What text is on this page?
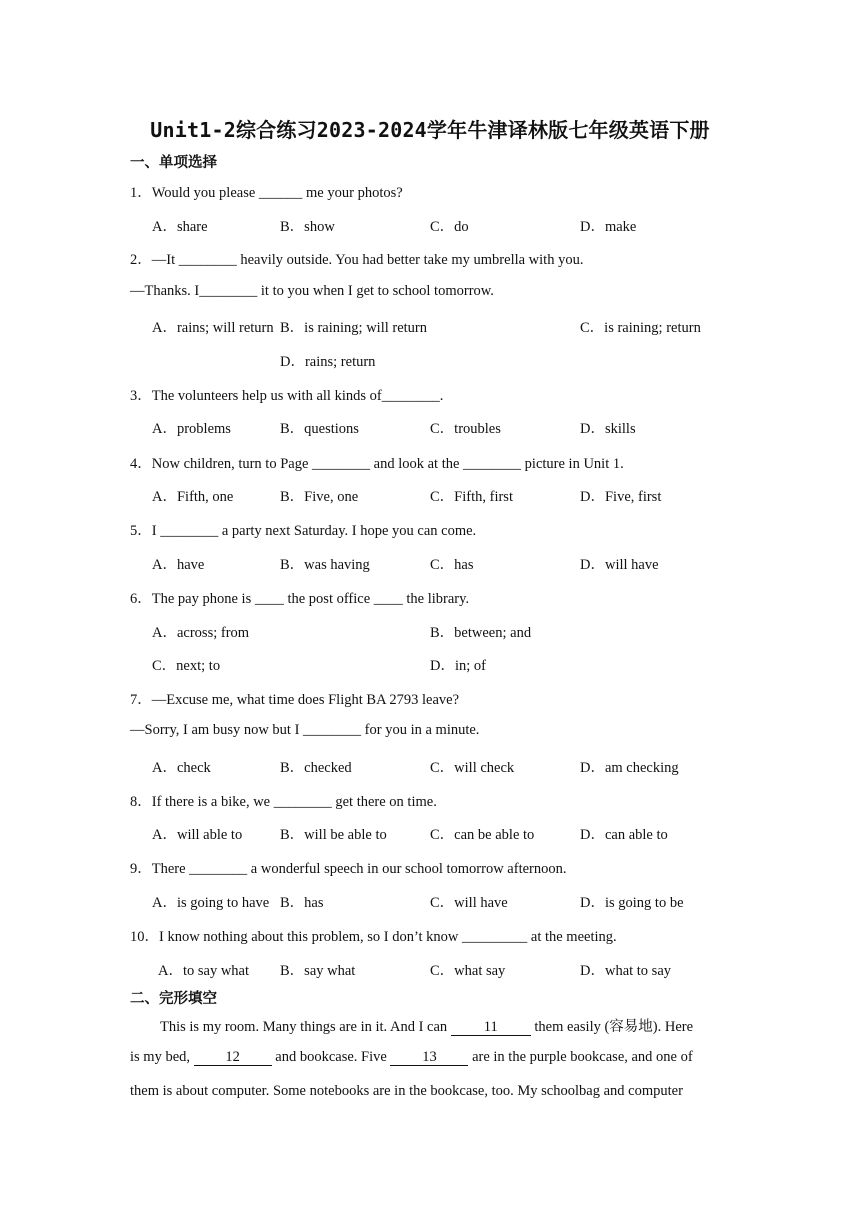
Unit1-2综合练习2023-2024学年牛津译林版七年级英语下册
一、单项选择
1．Would you please ______ me your photos?
A．share	B．show	C．do	D．make
2．—It ________ heavily outside. You had better take my umbrella with you.
—Thanks. I________ it to you when I get to school tomorrow.
A．rains; will return B．is raining; will return	C．is raining; return
D．rains; return
3．The volunteers help us with all kinds of________.
A．problems	B．questions	C．troubles	D．skills
4．Now children, turn to Page ________ and look at the ________ picture in Unit 1.
A．Fifth, one	B．Five, one	C．Fifth, first	D．Five, first
5．I ________ a party next Saturday. I hope you can come.
A．have	B．was having	C．has	D．will have
6．The pay phone is ____ the post office ____ the library.
A．across; from	B．between; and
C．next; to	D．in; of
7．—Excuse me, what time does Flight BA 2793 leave?
—Sorry, I am busy now but I ________ for you in a minute.
A．check	B．checked	C．will check	D．am checking
8．If there is a bike, we ________ get there on time.
A．will able to	B．will be able to	C．can be able to	D．can able to
9．There ________ a wonderful speech in our school tomorrow afternoon.
A．is going to have B．has	C．will have	D．is going to be
10．I know nothing about this problem, so I don’t know _________ at the meeting.
A．to say what B．say what	C．what say	D．what to say
二、完形填空
This is my room. Many things are in it. And I can 11 them easily (容易地). Here
is my bed, 12 and bookcase. Five 13 are in the purple bookcase, and one of
them is about computer. Some notebooks are in the bookcase, too. My schoolbag and computer
